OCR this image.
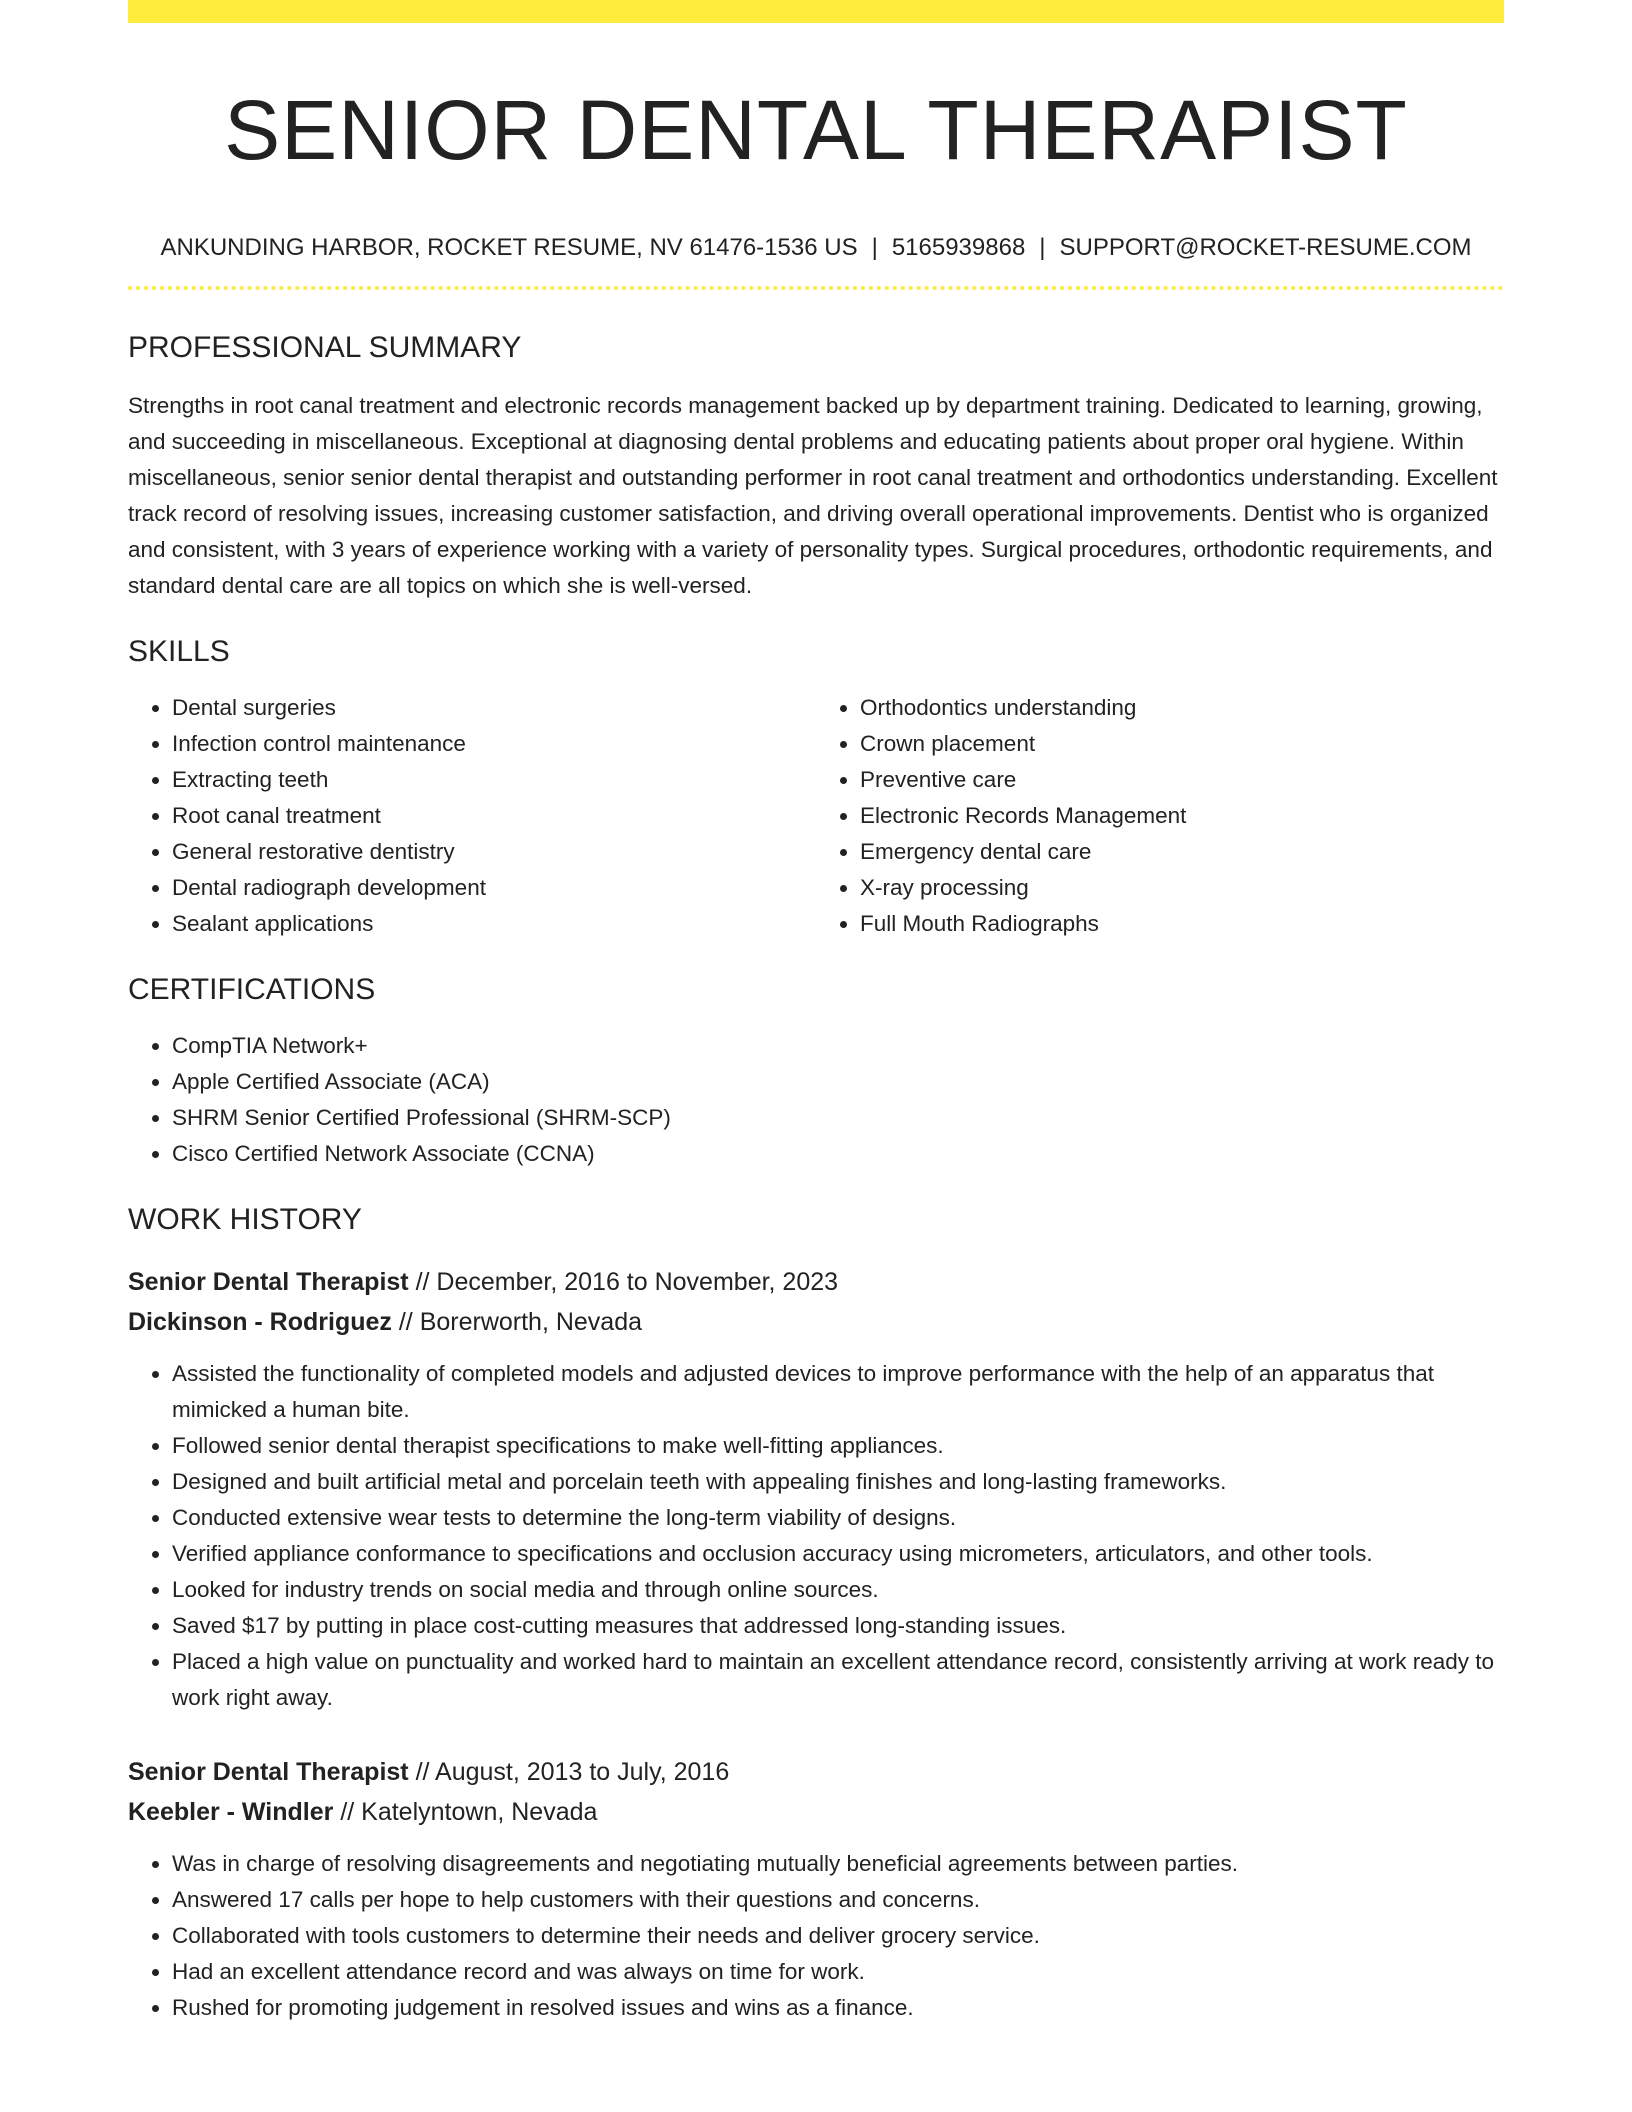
SENIOR DENTAL THERAPIST
ANKUNDING HARBOR, ROCKET RESUME, NV 61476-1536 US | 5165939868 | SUPPORT@ROCKET-RESUME.COM
PROFESSIONAL SUMMARY

Strengths in root canal treatment and electronic records management backed up by department training. Dedicated to learning, growing, and succeeding in miscellaneous. Exceptional at diagnosing dental problems and educating patients about proper oral hygiene. Within miscellaneous, senior senior dental therapist and outstanding performer in root canal treatment and orthodontics understanding. Excellent track record of resolving issues, increasing customer satisfaction, and driving overall operational improvements. Dentist who is organized and consistent, with 3 years of experience working with a variety of personality types. Surgical procedures, orthodontic requirements, and standard dental care are all topics on which she is well-versed.

SKILLS
• Dental surgeries
• Infection control maintenance
• Extracting teeth
• Root canal treatment
• General restorative dentistry
• Dental radiograph development
• Sealant applications
• Orthodontics understanding
• Crown placement
• Preventive care
• Electronic Records Management
• Emergency dental care
• X-ray processing
• Full Mouth Radiographs
CERTIFICATIONS
• CompTIA Network+
• Apple Certified Associate (ACA)
• SHRM Senior Certified Professional (SHRM-SCP)
• Cisco Certified Network Associate (CCNA)
WORK HISTORY
Senior Dental Therapist // December, 2016 to November, 2023
Dickinson - Rodriguez // Borerworth, Nevada
• Assisted the functionality of completed models and adjusted devices to improve performance with the help of an apparatus that mimicked a human bite.
• Followed senior dental therapist specifications to make well-fitting appliances.
• Designed and built artificial metal and porcelain teeth with appealing finishes and long-lasting frameworks.
• Conducted extensive wear tests to determine the long-term viability of designs.
• Verified appliance conformance to specifications and occlusion accuracy using micrometers, articulators, and other tools.
• Looked for industry trends on social media and through online sources.
• Saved $17 by putting in place cost-cutting measures that addressed long-standing issues.
• Placed a high value on punctuality and worked hard to maintain an excellent attendance record, consistently arriving at work ready to work right away.
Senior Dental Therapist // August, 2013 to July, 2016
Keebler - Windler // Katelyntown, Nevada
• Was in charge of resolving disagreements and negotiating mutually beneficial agreements between parties.
• Answered 17 calls per hope to help customers with their questions and concerns.
• Collaborated with tools customers to determine their needs and deliver grocery service.
• Had an excellent attendance record and was always on time for work.
• Rushed for promoting judgement in resolved issues and wins as a finance.
